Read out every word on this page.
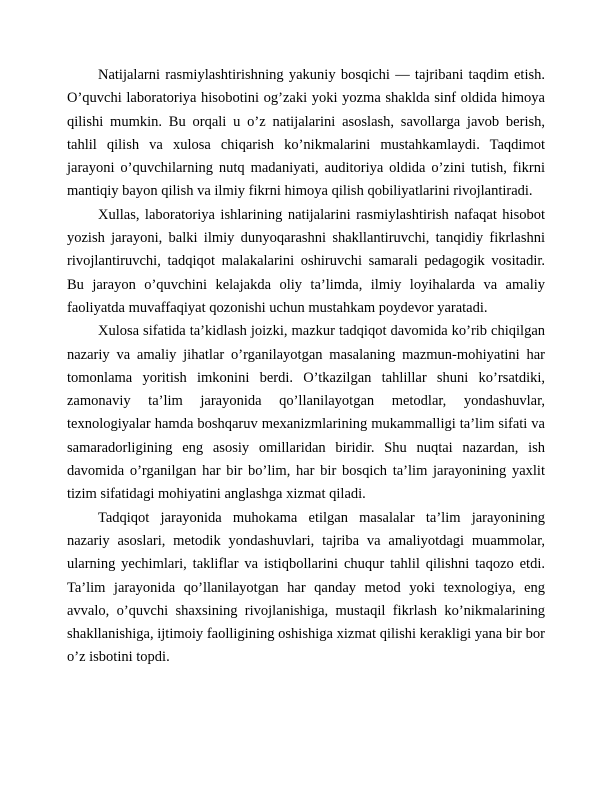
Natijalarni rasmiylashtirishning yakuniy bosqichi — tajribani taqdim etish. O’quvchi laboratoriya hisobotini og’zaki yoki yozma shaklda sinf oldida himoya qilishi mumkin. Bu orqali u o’z natijalarini asoslash, savollarga javob berish, tahlil qilish va xulosa chiqarish ko’nikmalarini mustahkamlaydi. Taqdimot jarayoni o’quvchilarning nutq madaniyati, auditoriya oldida o’zini tutish, fikrni mantiqiy bayon qilish va ilmiy fikrni himoya qilish qobiliyatlarini rivojlantiradi.

Xullas, laboratoriya ishlarining natijalarini rasmiylashtirish nafaqat hisobot yozish jarayoni, balki ilmiy dunyoqarashni shakllantiruvchi, tanqidiy fikrlashni rivojlantiruvchi, tadqiqot malakalarini oshiruvchi samarali pedagogik vositadir. Bu jarayon o’quvchini kelajakda oliy ta’limda, ilmiy loyihalarda va amaliy faoliyatda muvaffaqiyat qozonishi uchun mustahkam poydevor yaratadi.

Xulosa sifatida ta’kidlash joizki, mazkur tadqiqot davomida ko’rib chiqilgan nazariy va amaliy jihatlar o’rganilayotgan masalaning mazmun-mohiyatini har tomonlama yoritish imkonini berdi. O’tkazilgan tahlillar shuni ko’rsatdiki, zamonaviy ta’lim jarayonida qo’llanilayotgan metodlar, yondashuvlar, texnologiyalar hamda boshqaruv mexanizmlarining mukammalligi ta’lim sifati va samaradorligining eng asosiy omillaridan biridir. Shu nuqtai nazardan, ish davomida o’rganilgan har bir bo’lim, har bir bosqich ta’lim jarayonining yaxlit tizim sifatidagi mohiyatini anglashga xizmat qiladi.

Tadqiqot jarayonida muhokama etilgan masalalar ta’lim jarayonining nazariy asoslari, metodik yondashuvlari, tajriba va amaliyotdagi muammolar, ularning yechimlari, takliflar va istiqbollarini chuqur tahlil qilishni taqozo etdi. Ta’lim jarayonida qo’llanilayotgan har qanday metod yoki texnologiya, eng avvalo, o’quvchi shaxsining rivojlanishiga, mustaqil fikrlash ko’nikmalarining shakllanishiga, ijtimoiy faolligining oshishiga xizmat qilishi kerakligi yana bir bor o’z isbotini topdi.
